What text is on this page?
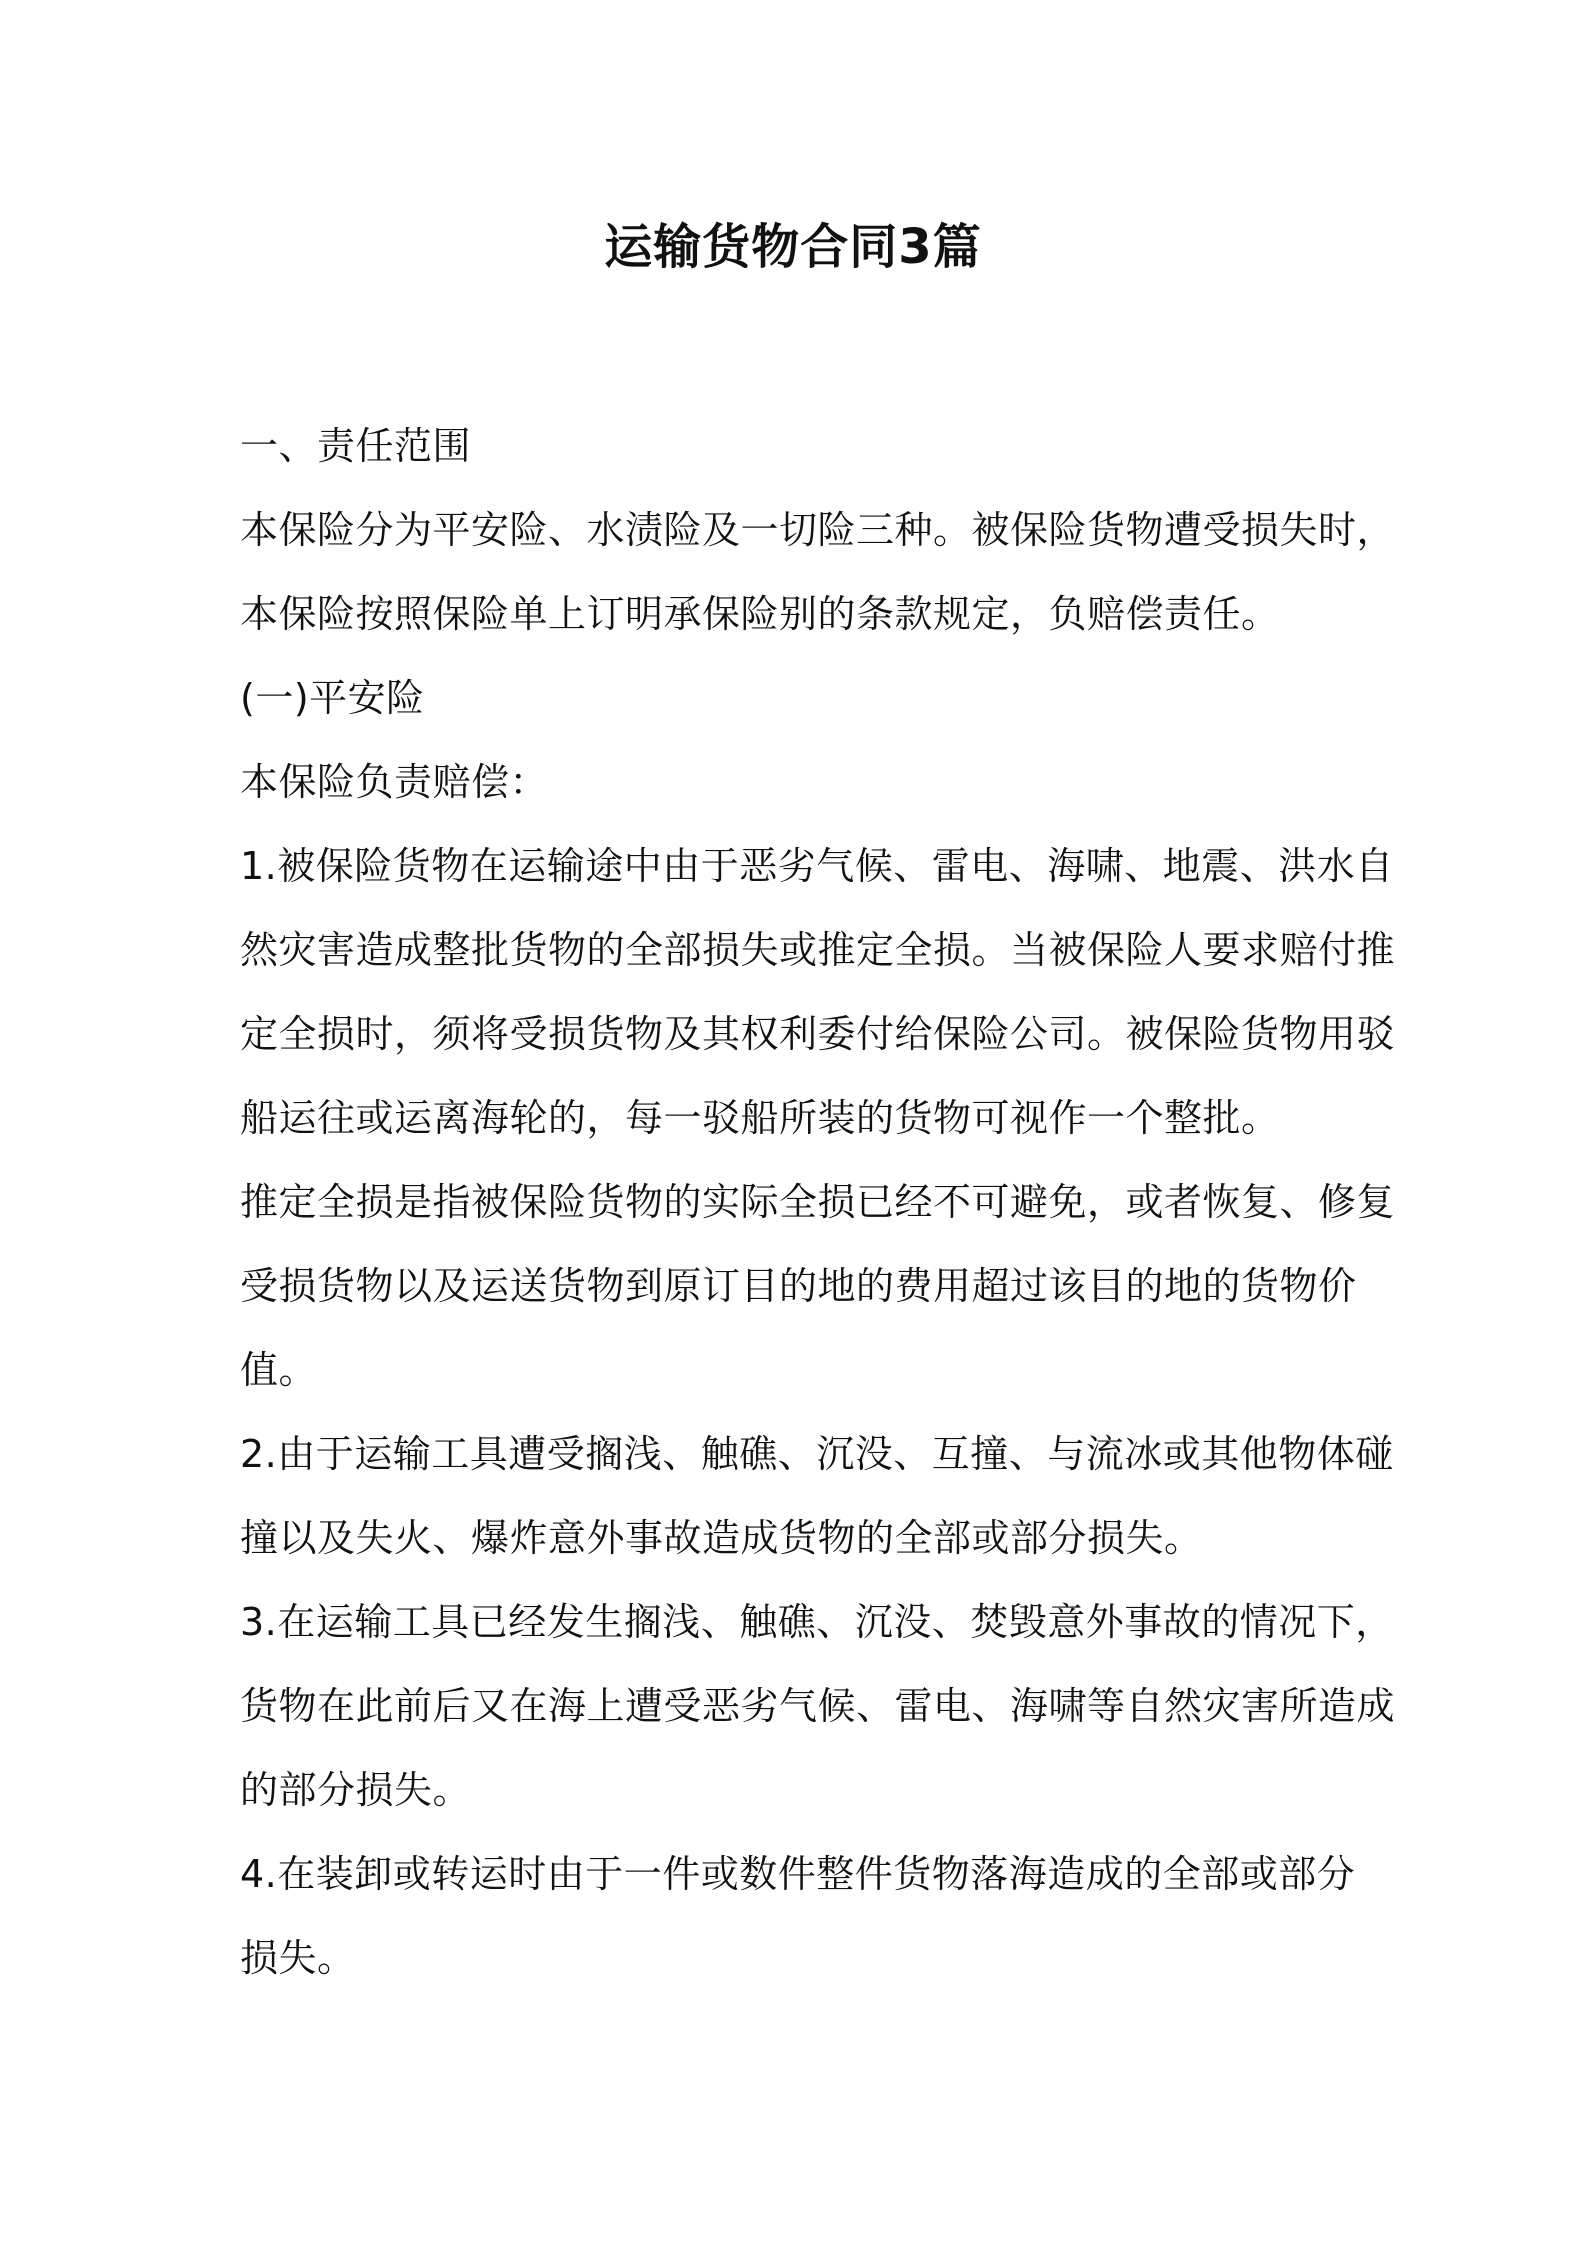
运输货物合同3篇

一、责任范围

本保险分为平安险、水渍险及一切险三种。被保险货物遭受损失时，

本保险按照保险单上订明承保险别的条款规定，负赔偿责任。

(一)平安险

本保险负责赔偿：

1.被保险货物在运输途中由于恶劣气候、雷电、海啸、地震、洪水自

然灾害造成整批货物的全部损失或推定全损。当被保险人要求赔付推

定全损时，须将受损货物及其权利委付给保险公司。被保险货物用驳

船运往或运离海轮的，每一驳船所装的货物可视作一个整批。

推定全损是指被保险货物的实际全损已经不可避免，或者恢复、修复

受损货物以及运送货物到原订目的地的费用超过该目的地的货物价

值。

2.由于运输工具遭受搁浅、触礁、沉没、互撞、与流冰或其他物体碰

撞以及失火、爆炸意外事故造成货物的全部或部分损失。

3.在运输工具已经发生搁浅、触礁、沉没、焚毁意外事故的情况下，

货物在此前后又在海上遭受恶劣气候、雷电、海啸等自然灾害所造成

的部分损失。

4.在装卸或转运时由于一件或数件整件货物落海造成的全部或部分

损失。
